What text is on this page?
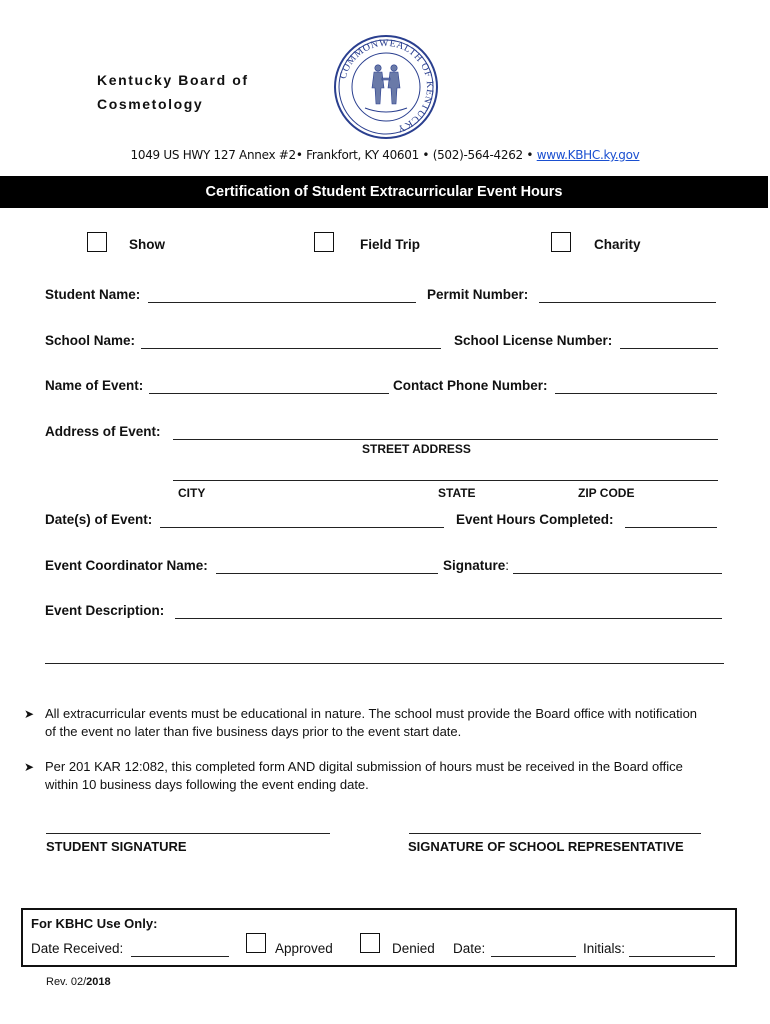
Kentucky Board of
Cosmetology
COMMONWEALTH OF KENTUCKY
1049 US HWY 127 Annex #2• Frankfort, KY 40601 • (502)-564-4262 • www.KBHC.ky.gov
Certification of Student Extracurricular Event Hours
Show	Field Trip	Charity
Student Name:	Permit Number:
School Name:	School License Number:
Name of Event:	Contact Phone Number:
Address of Event:
STREET ADDRESS
CITY	STATE	ZIP CODE
Date(s) of Event:	Event Hours Completed:
Event Coordinator Name:	Signature:
Event Description:
➤ All extracurricular events must be educational in nature. The school must provide the Board office with notification of the event no later than five business days prior to the event start date.
➤ Per 201 KAR 12:082, this completed form AND digital submission of hours must be received in the Board office within 10 business days following the event ending date.
STUDENT SIGNATURE	SIGNATURE OF SCHOOL REPRESENTATIVE
For KBHC Use Only:
Date Received:	Approved	Denied Date:	Initials:
Rev. 02/2018
